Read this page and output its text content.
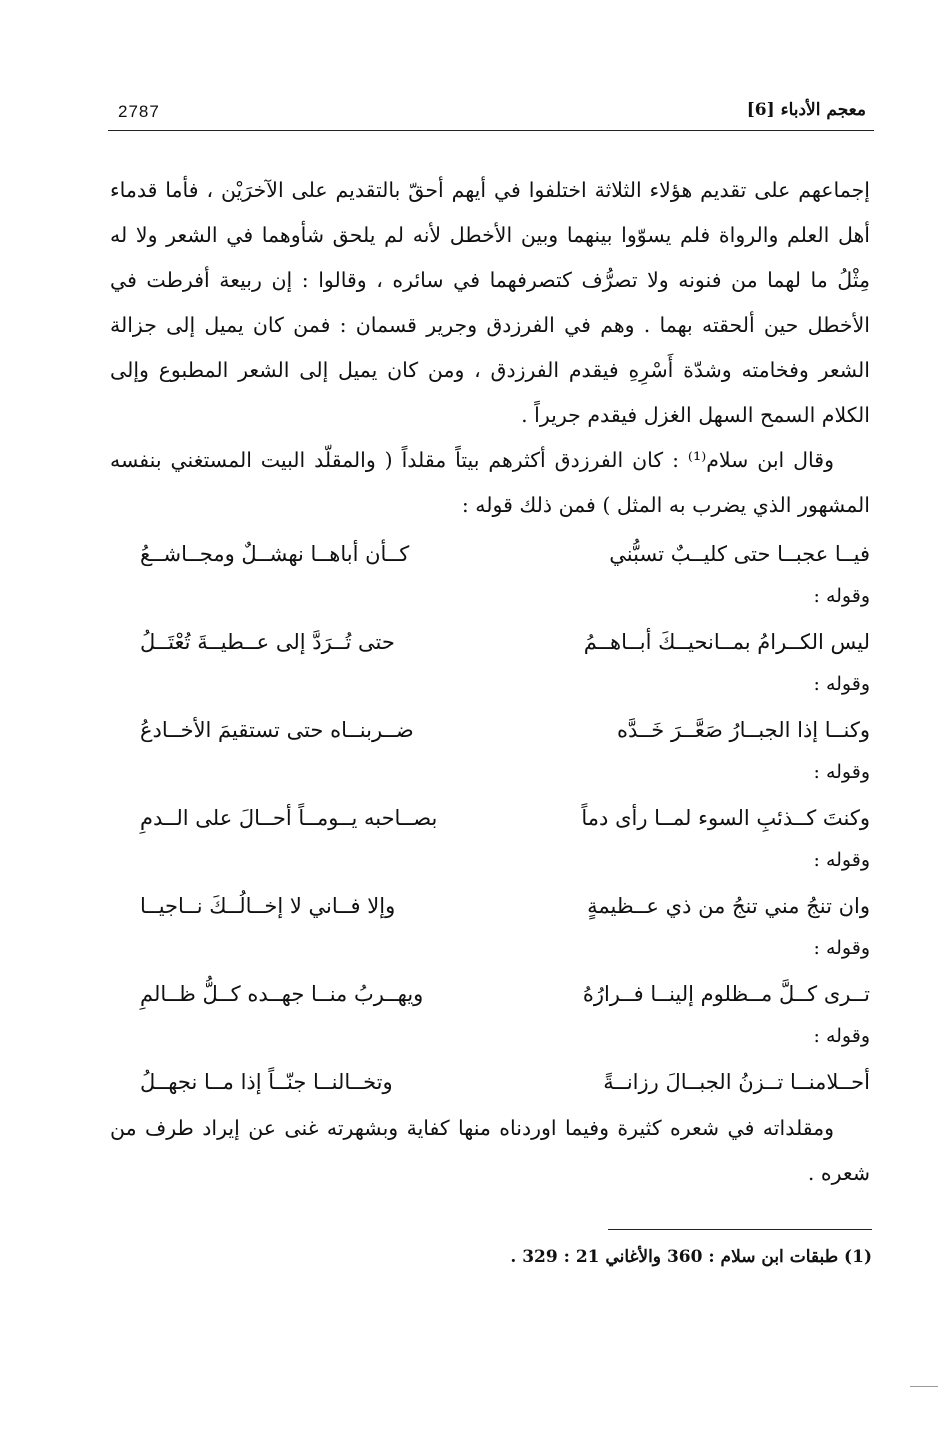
معجم الأدباء [6]
2787

إجماعهم على تقديم هؤلاء الثلاثة اختلفوا في أيهم أحقّ بالتقديم على الآخرَيْن ، فأما قدماء أهل العلم والرواة فلم يسوّوا بينهما وبين الأخطل لأنه لم يلحق شأوهما في الشعر ولا له مِثْلُ ما لهما من فنونه ولا تصرُّف كتصرفهما في سائره ، وقالوا : إن ربيعة أفرطت في الأخطل حين ألحقته بهما . وهم في الفرزدق وجرير قسمان : فمن كان يميل إلى جزالة الشعر وفخامته وشدّة أَسْرِهِ فيقدم الفرزدق ، ومن كان يميل إلى الشعر المطبوع وإلى الكلام السمح السهل الغزل فيقدم جريراً .

وقال ابن سلام⁽¹⁾ : كان الفرزدق أكثرهم بيتاً مقلداً ( والمقلّد البيت المستغني بنفسه المشهور الذي يضرب به المثل ) فمن ذلك قوله :

فيــا عجبــا حتى كليــبٌ تسبُّني
كــأن أباهــا نهشــلٌ ومجــاشــعُ
وقوله :
ليس الكــرامُ بمــانحيــكَ أبــاهــمُ
حتى تُــرَدَّ إلى عــطيــةَ تُعْتَــلُ
وقوله :
وكنــا إذا الجبــارُ صَعَّــرَ خَــدَّه
ضــربنــاه حتى تستقيمَ الأخــادعُ
وقوله :
وكنتَ كــذئبِ السوء لمــا رأى دماً
بصــاحبه يــومــاً أحــالَ على الــدمِ
وقوله :
وان تنجُ مني تنجُ من ذي عــظيمةٍ
وإلا فــاني لا إخــالُــكَ نــاجيــا
وقوله :
تــرى كــلَّ مــظلوم إلينــا فــرارُهُ
ويهــربُ منــا جهــده كــلُّ ظــالمِ
وقوله :
أحــلامنــا تــزنُ الجبــالَ رزانــةً
وتخــالنــا جنّــاً إذا مــا نجهــلُ

ومقلداته في شعره كثيرة وفيما اوردناه منها كفاية وبشهرته غنى عن إيراد طرف من شعره .

(1) طبقات ابن سلام : 360 والأغاني 21 : 329 .
